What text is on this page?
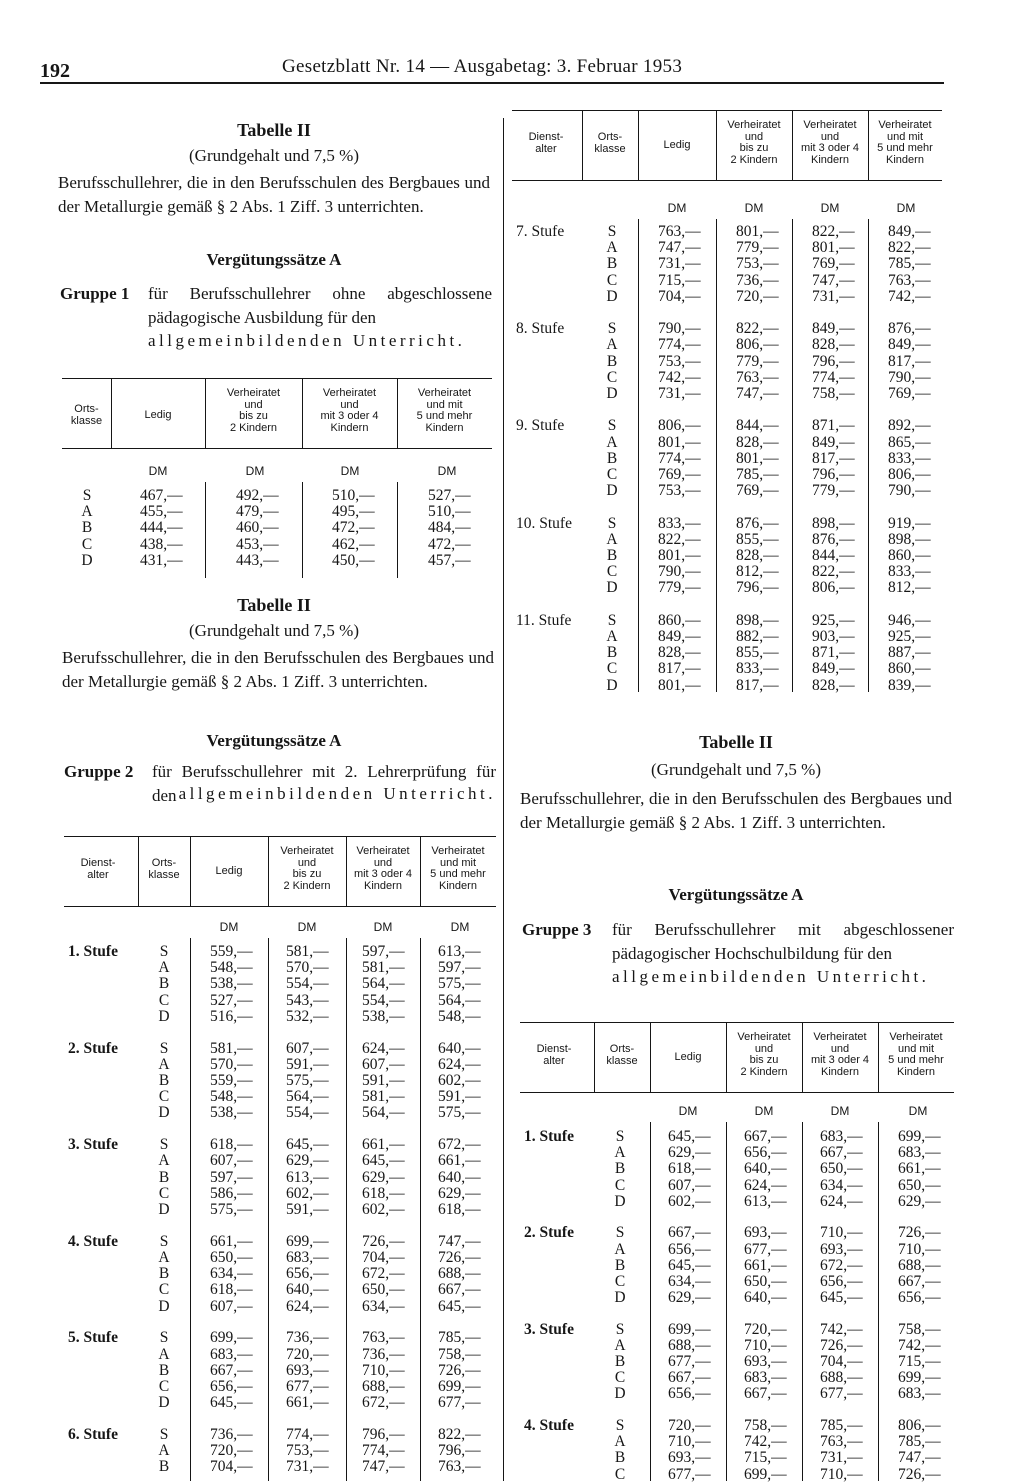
192	Gesetzblatt Nr. 14 — Ausgabetag: 3. Februar 1953
Tabelle II
(Grundgehalt und 7,5 %)
Berufsschullehrer, die in den Berufsschulen des Bergbaues und der Metallurgie gemäß § 2 Abs. 1 Ziff. 3 unterrichten.
Vergütungssätze A
Gruppe 1 für Berufsschullehrer ohne abgeschlossene pädagogische Ausbildung für den
allgemeinbildenden Unterricht.
Orts-
klasse	Ledig
Verheiratet
und
bis zu
2 Kindern
Verheiratet
und
mit 3 oder 4
Kindern
Verheiratet
und mit
5 und mehr
Kindern
DM	DM	DM	DM
S	467,—	492,—	510,—	527,—
A	455,—	479,—	495,—	510,—
B	444,—	460,—	472,—	484,—
C	438,—	453,—	462,—	472,—
D	431,—	443,—	450,—	457,—
Tabelle II
(Grundgehalt und 7,5 %)
Berufsschullehrer, die in den Berufsschulen des Bergbaues und der Metallurgie gemäß § 2 Abs. 1 Ziff. 3 unterrichten.
Vergütungssätze A
Gruppe 2 für Berufsschullehrer mit 2. Lehrerprüfung für den allgemeinbildenden Unterricht.
Dienst-
alter
Orts-
klasse	Ledig
Verheiratet
und
bis zu
2 Kindern
Verheiratet
und
mit 3 oder 4
Kindern
Verheiratet
und mit
5 und mehr
Kindern
DM	DM	DM	DM
1. Stufe	S	559,— 581,— 597,— 613,—
A	548,— 570,— 581,— 597,—
B	538,— 554,— 564,— 575,—
C	527,— 543,— 554,— 564,—
D	516,— 532,— 538,— 548,—
2. Stufe	S	581,— 607,— 624,— 640,—
A	570,— 591,— 607,— 624,—
B	559,— 575,— 591,— 602,—
C	548,— 564,— 581,— 591,—
D	538,— 554,— 564,— 575,—
3. Stufe	S	618,— 645,— 661,— 672,—
A	607,— 629,— 645,— 661,—
B	597,— 613,— 629,— 640,—
C	586,— 602,— 618,— 629,—
D	575,— 591,— 602,— 618,—
4. Stufe	S	661,— 699,— 726,— 747,—
A	650,— 683,— 704,— 726,—
B	634,— 656,— 672,— 688,—
C	618,— 640,— 650,— 667,—
D	607,— 624,— 634,— 645,—
5. Stufe	S	699,— 736,— 763,— 785,—
A	683,— 720,— 736,— 758,—
B	667,— 693,— 710,— 726,—
C	656,— 677,— 688,— 699,—
D	645,— 661,— 672,— 677,—
6. Stufe	S	736,— 774,— 796,— 822,—
A	720,— 753,— 774,— 796,—
B	704,— 731,— 747,— 763,—
Dienst-
alter
Orts-
klasse	Ledig
Verheiratet
und
bis zu
2 Kindern
Verheiratet
und
mit 3 oder 4
Kindern
Verheiratet
und mit
5 und mehr
Kindern
DM	DM	DM	DM
7. Stufe	S	763,— 801,— 822,— 849,—
A	747,— 779,— 801,— 822,—
B	731,— 753,— 769,— 785,—
C	715,— 736,— 747,— 763,—
D	704,— 720,— 731,— 742,—
8. Stufe	S	790,— 822,— 849,— 876,—
A	774,— 806,— 828,— 849,—
B	753,— 779,— 796,— 817,—
C	742,— 763,— 774,— 790,—
D	731,— 747,— 758,— 769,—
9. Stufe	S	806,— 844,— 871,— 892,—
A	801,— 828,— 849,— 865,—
B	774,— 801,— 817,— 833,—
C	769,— 785,— 796,— 806,—
D	753,— 769,— 779,— 790,—
10. Stufe	S	833,— 876,— 898,— 919,—
A	822,— 855,— 876,— 898,—
B	801,— 828,— 844,— 860,—
C	790,— 812,— 822,— 833,—
D	779,— 796,— 806,— 812,—
11. Stufe	S	860,— 898,— 925,— 946,—
A	849,— 882,— 903,— 925,—
B	828,— 855,— 871,— 887,—
C	817,— 833,— 849,— 860,—
D	801,— 817,— 828,— 839,—
Tabelle II
(Grundgehalt und 7,5 %)
Berufsschullehrer, die in den Berufsschulen des Bergbaues und der Metallurgie gemäß § 2 Abs. 1 Ziff. 3 unterrichten.
Vergütungssätze A
Gruppe 3 für Berufsschullehrer mit abgeschlossener pädagogischer Hochschulbildung für den
allgemeinbildenden Unterricht.
Dienst-
alter
Orts-
klasse	Ledig
Verheiratet
und
bis zu
2 Kindern
Verheiratet
und
mit 3 oder 4
Kindern
Verheiratet
und mit
5 und mehr
Kindern
DM	DM	DM	DM
1. Stufe	S	645,— 667,— 683,— 699,—
A	629,— 656,— 667,— 683,—
B	618,— 640,— 650,— 661,—
C	607,— 624,— 634,— 650,—
D	602,— 613,— 624,— 629,—
2. Stufe	S	667,— 693,— 710,— 726,—
A	656,— 677,— 693,— 710,—
B	645,— 661,— 672,— 688,—
C	634,— 650,— 656,— 667,—
D	629,— 640,— 645,— 656,—
3. Stufe	S	699,— 720,— 742,— 758,—
A	688,— 710,— 726,— 742,—
B	677,— 693,— 704,— 715,—
C	667,— 683,— 688,— 699,—
D	656,— 667,— 677,— 683,—
4. Stufe	S	720,— 758,— 785,— 806,—
A	710,— 742,— 763,— 785,—
B	693,— 715,— 731,— 747,—
C	677,— 699,— 710,— 726,—
